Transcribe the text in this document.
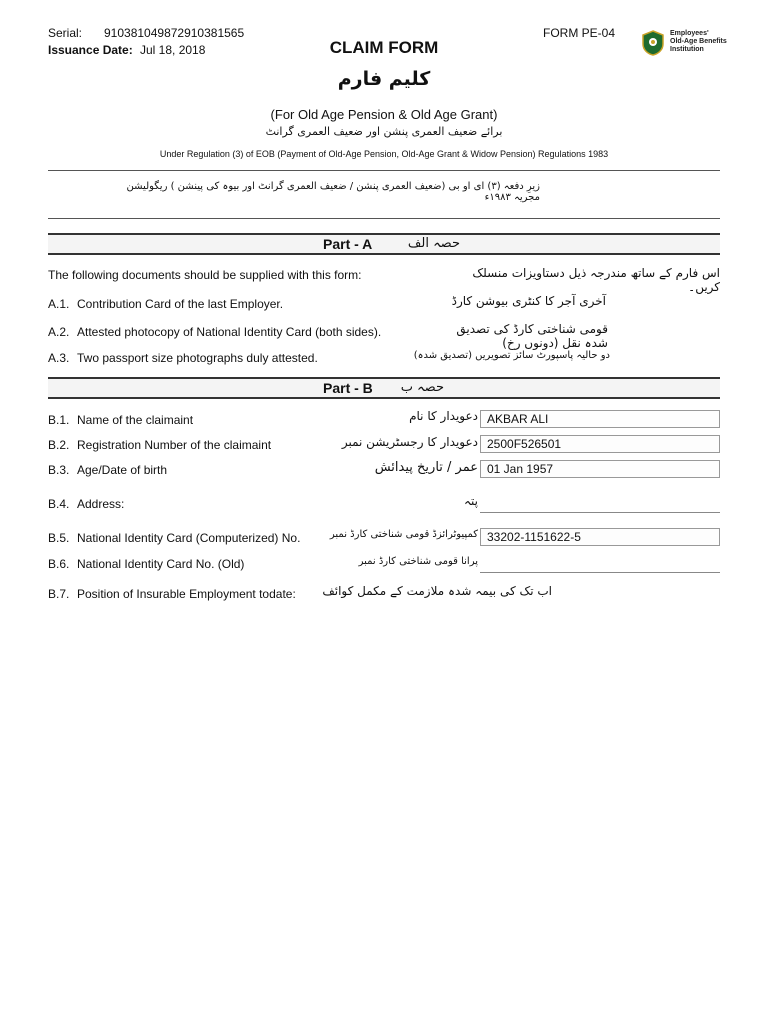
Serial: 910381049872910381565
Issuance Date: Jul 18, 2018
FORM PE-04	Employees'
Old-Age Benefits
Institution
CLAIM FORM
کلیم فارم
(For Old Age Pension & Old Age Grant)
برائے ضعیف العمری پنشن اور ضعیف العمری گرانٹ
Under Regulation (3) of EOB (Payment of Old-Age Pension, Old-Age Grant & Widow Pension) Regulations 1983
زیرِ دفعہ (۳) ای او بی (ضعیف العمری پنشن / ضعیف العمری گرانٹ اور بیوہ کی پینشن ) ریگولیشن مجریہ ۱۹۸۳ء
Part - A	حصہ الف
The following documents should be supplied with this form:	اس فارم کے ساتھ مندرجہ ذیل دستاویزات منسلک کریں۔
A.1. Contribution Card of the last Employer.	آخری آجر کا کنٹری بیوشن کارڈ
A.2. Attested photocopy of National Identity Card (both sides).	قومی شناختی کارڈ کی تصدیق شدہ نقل (دونوں رخ)
A.3. Two passport size photographs duly attested.	دو حالیہ پاسپورٹ سائز تصویریں (تصدیق شدہ)
Part - B	حصہ ب
B.1. Name of the claimaint	دعویدار کا نام AKBAR ALI
B.2. Registration Number of the claimaint	دعویدار کا رجسٹریشن نمبر 2500F526501
B.3. Age/Date of birth	عمر / تاریخ پیدائش 01 Jan 1957
B.4. Address:	پتہ
B.5. National Identity Card (Computerized) No.	کمپیوٹرائزڈ قومی شناختی کارڈ نمبر 33202-1151622-5
B.6. National Identity Card No. (Old)	پرانا قومی شناختی کارڈ نمبر
B.7. Position of Insurable Employment todate: اب تک کی بیمہ شدہ ملازمت کے مکمل کوائف
